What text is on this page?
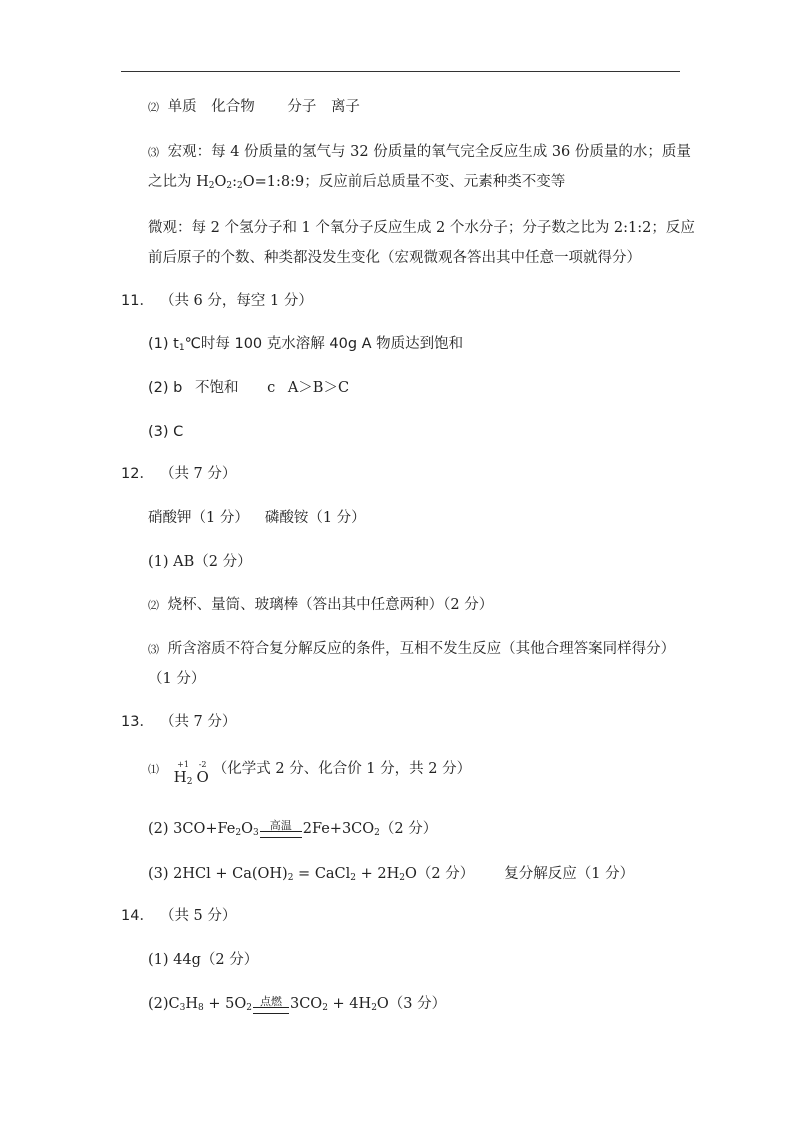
⑵ 单质 化合物 分子 离子
⑶ 宏观：每 4 份质量的氢气与 32 份质量的氧气完全反应生成 36 份质量的水；质量
之比为 $H_2O_2:_2O=1:8:9$；反应前后总质量不变、元素种类不变等
微观：每 2 个氢分子和 1 个氧分子反应生成 2 个水分子；分子数之比为 2:1:2；反应
前后原子的个数、种类都没发生变化（宏观微观各答出其中任意一项就得分）
11． （共 6 分，每空 1 分）
(1) $t_1℃$时每 100 克水溶解 40g A 物质达到饱和
(2) b 不饱和 c A＞B＞C
(3) C
12． （共 7 分）
硝酸钾（1 分） 磷酸铵（1 分）
(1) AB（2 分）
⑵ 烧杯、量筒、玻璃棒（答出其中任意两种）（2 分）
⑶ 所含溶质不符合复分解反应的条件，互相不发生反应（其他合理答案同样得分）
（1 分）
13． （共 7 分）
⑴	+1
$H_2$
-2
O （化学式 2 分、化合价 1 分，共 2 分）
(2) $3CO+Fe_2O_3$
高温 $2Fe+3CO_2(2$ 分）
(3) $2HCl + Ca(OH)_2$ = CaCl$_2$ + $2H_2O(2$ 分） 复分解反应（1 分）
14． （共 5 分）
(1) 44g（2 分）
$(2)C_3H_8 + 5O_2$ 点燃 $3CO_2 + 4H_2O(3$ 分）
